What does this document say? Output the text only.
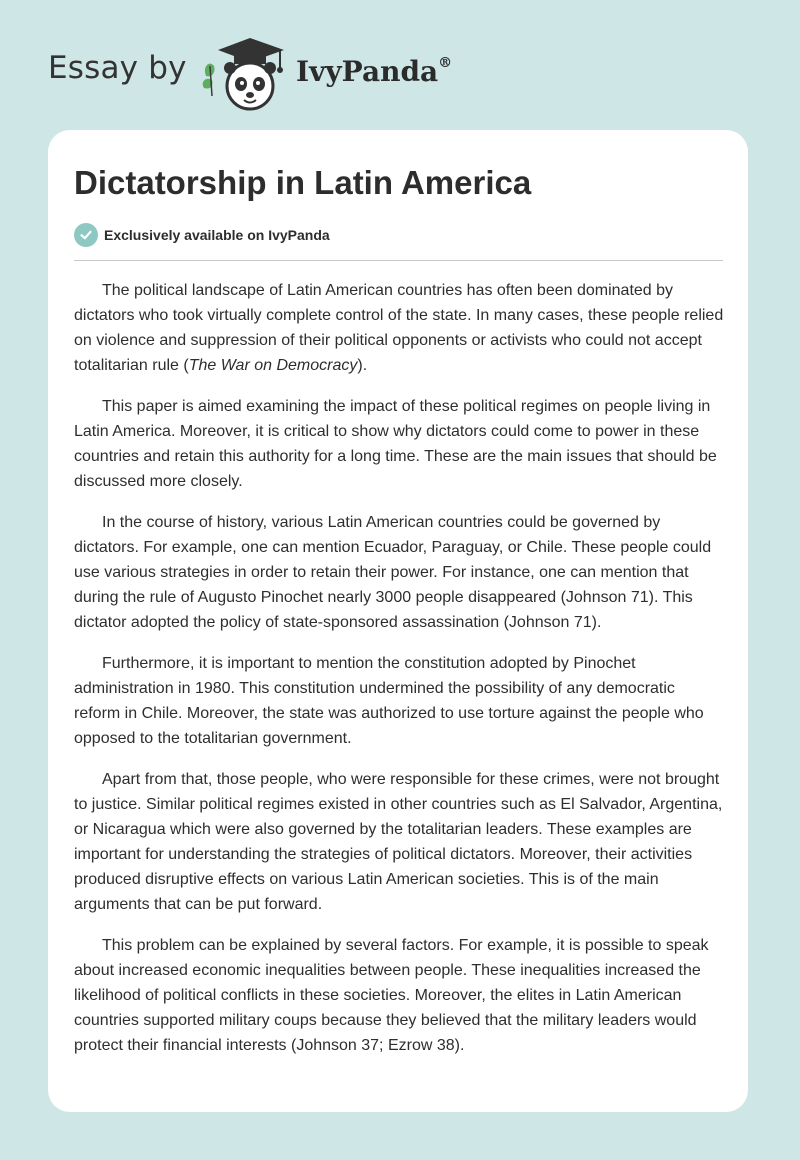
Essay by	IvyPanda®
Dictatorship in Latin America
Exclusively available on IvyPanda

The political landscape of Latin American countries has often been dominated by dictators who took virtually complete control of the state. In many cases, these people relied on violence and suppression of their political opponents or activists who could not accept totalitarian rule (The War on Democracy).

This paper is aimed examining the impact of these political regimes on people living in Latin America. Moreover, it is critical to show why dictators could come to power in these countries and retain this authority for a long time. These are the main issues that should be discussed more closely.

In the course of history, various Latin American countries could be governed by dictators. For example, one can mention Ecuador, Paraguay, or Chile. These people could use various strategies in order to retain their power. For instance, one can mention that during the rule of Augusto Pinochet nearly 3000 people disappeared (Johnson 71). This dictator adopted the policy of state-sponsored assassination (Johnson 71).

Furthermore, it is important to mention the constitution adopted by Pinochet administration in 1980. This constitution undermined the possibility of any democratic reform in Chile. Moreover, the state was authorized to use torture against the people who opposed to the totalitarian government.

Apart from that, those people, who were responsible for these crimes, were not brought to justice. Similar political regimes existed in other countries such as El Salvador, Argentina, or Nicaragua which were also governed by the totalitarian leaders. These examples are important for understanding the strategies of political dictators. Moreover, their activities produced disruptive effects on various Latin American societies. This is of the main arguments that can be put forward.

This problem can be explained by several factors. For example, it is possible to speak about increased economic inequalities between people. These inequalities increased the likelihood of political conflicts in these societies. Moreover, the elites in Latin American countries supported military coups because they believed that the military leaders would protect their financial interests (Johnson 37; Ezrow 38).
